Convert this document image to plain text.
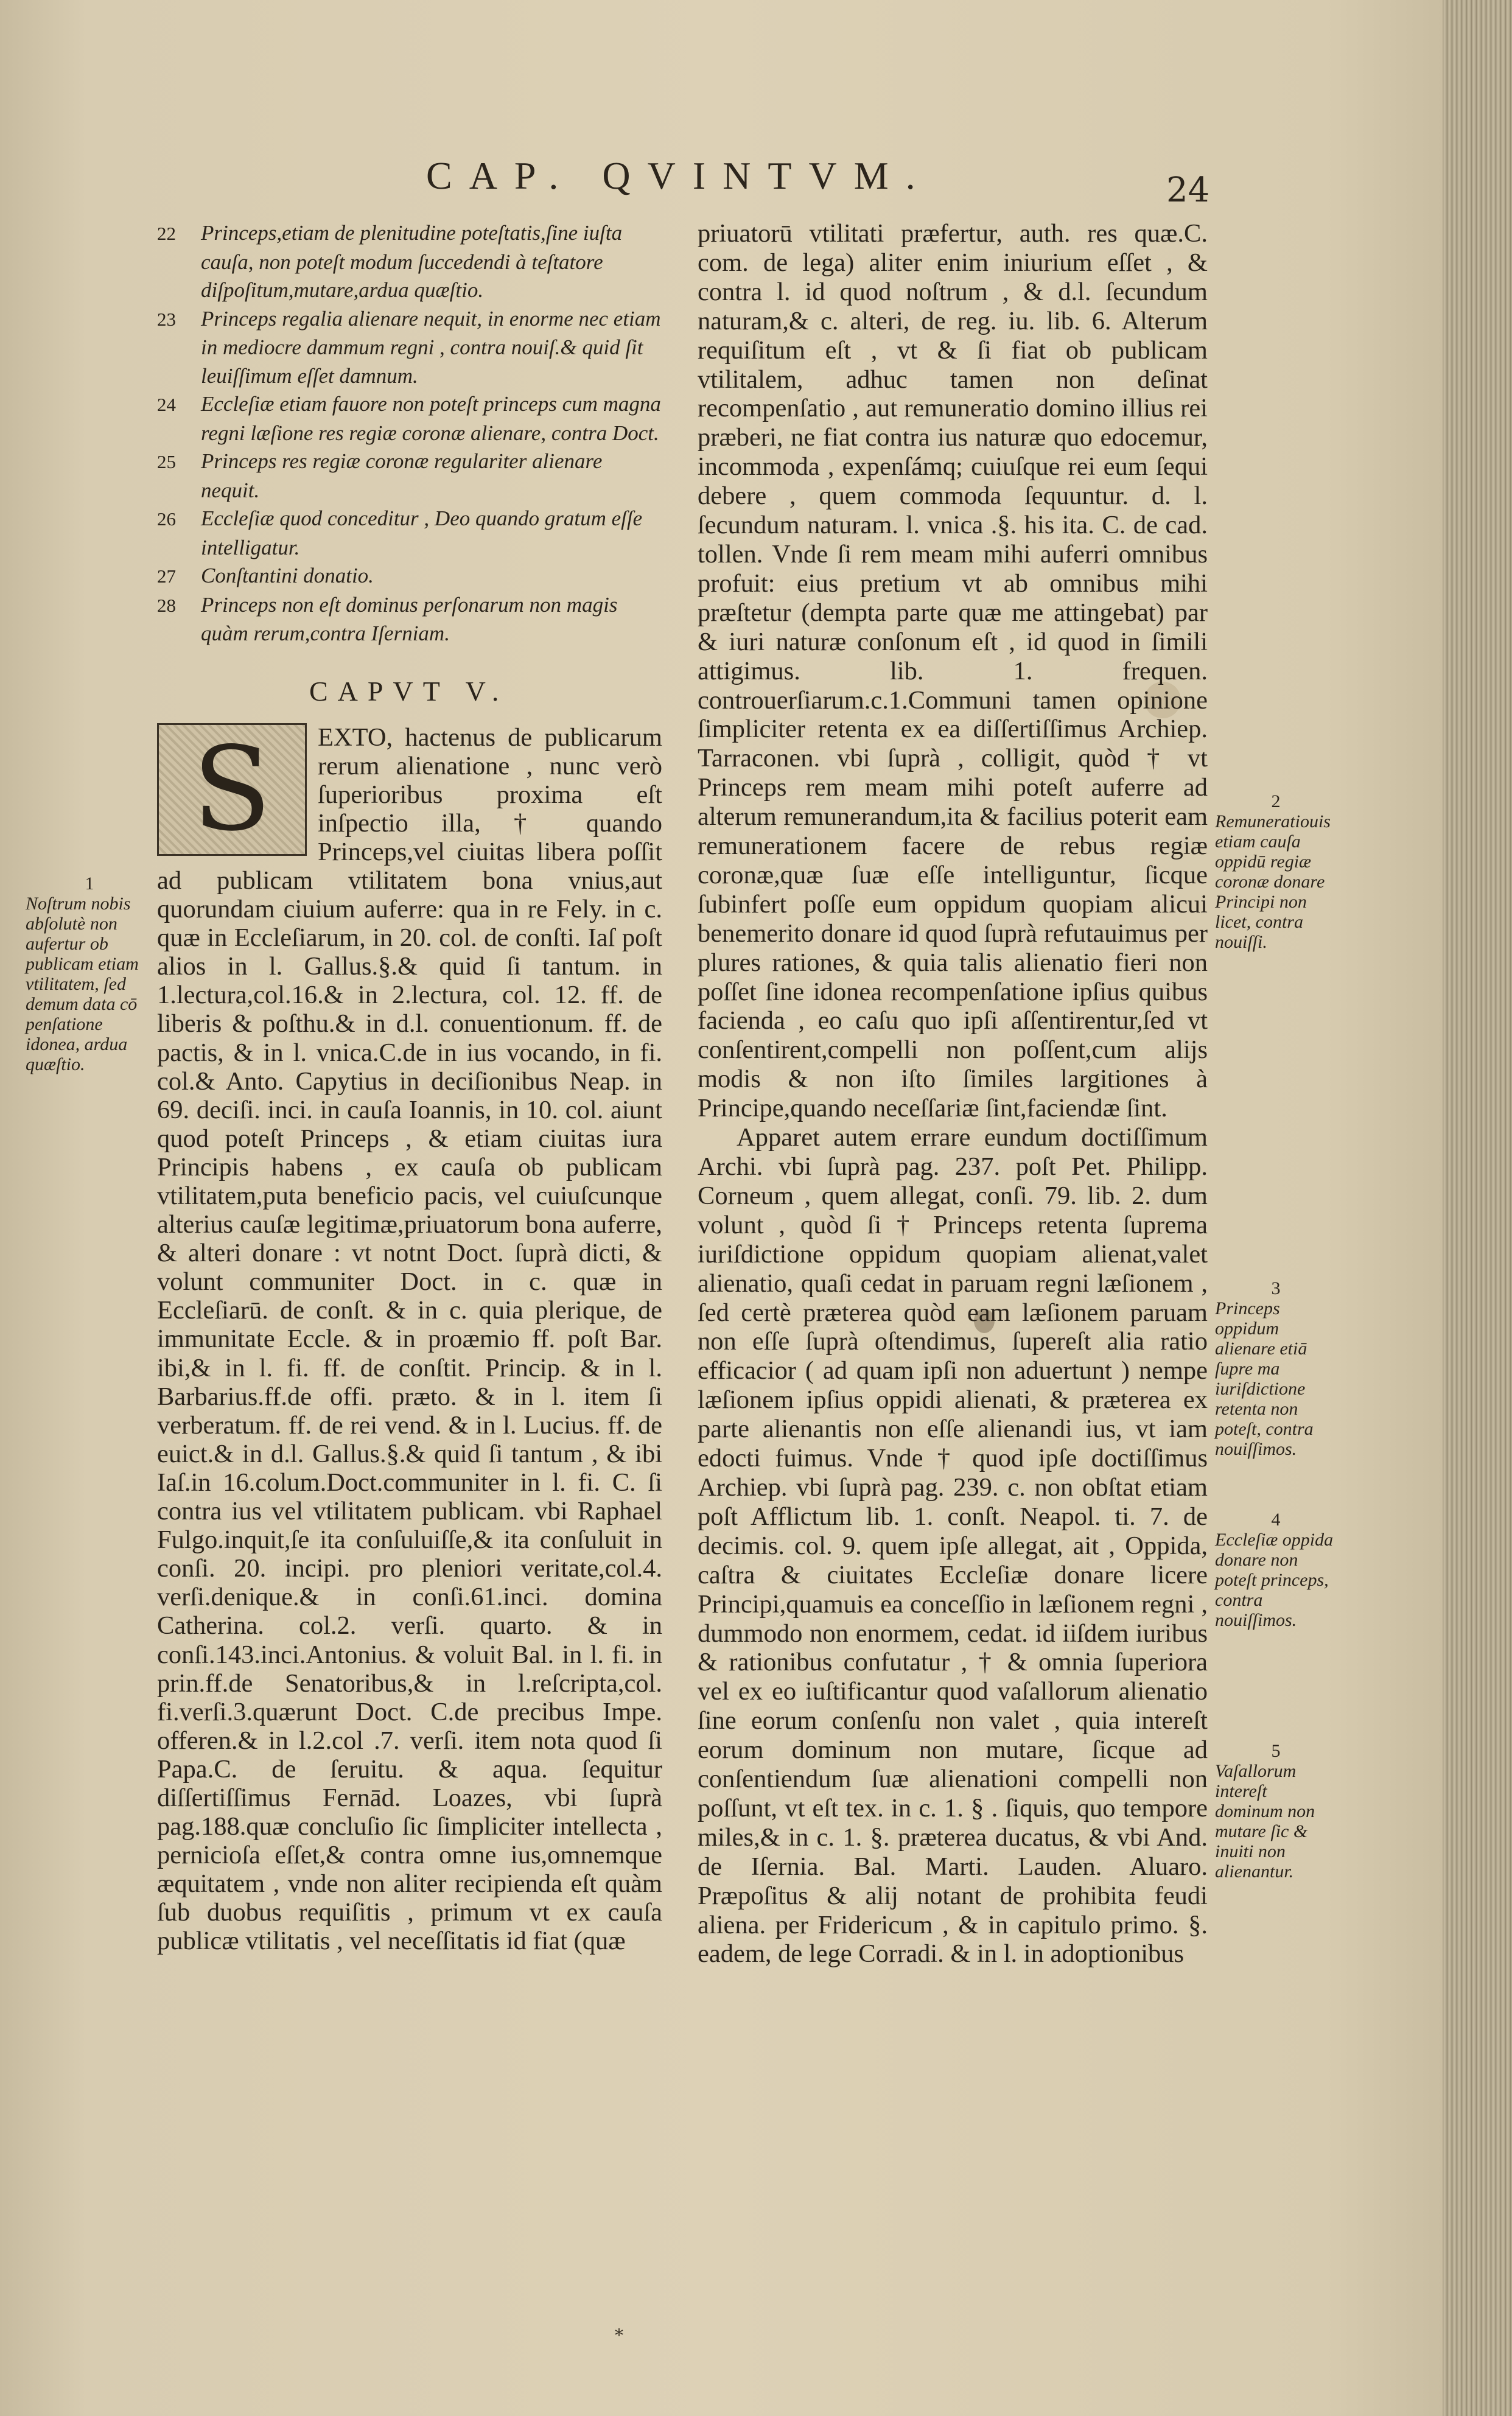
CAP. QVINTVM.	24

22 Princeps,etiam de plenitudine poteſtatis,ſine iuſta cauſa, non poteſt modum ſuccedendi à teſtatore diſpoſitum,mutare,ardua quæſtio.

23 Princeps regalia alienare nequit, in enorme nec etiam in mediocre dammum regni , contra nouiſ.& quid ſit leuiſſimum eſſet damnum.

24 Eccleſiæ etiam fauore non poteſt princeps cum magna regni læſione res regiæ coronæ alienare, contra Doct.

25 Princeps res regiæ coronæ regulariter alienare nequit.

26 Eccleſiæ quod conceditur , Deo quando gratum eſſe intelligatur.

27 Conſtantini donatio.

28 Princeps non eſt dominus perſonarum non magis quàm rerum,contra Iſerniam.

CAPVT V.

S	EXTO, hactenus de publicarum rerum alienatione , nunc verò ſuperioribus proxima eſt inſpectio illa, † quando Princeps,vel ciuitas libera poſſit ad publicam vtilitatem bona vnius,aut quorundam ciuium auferre: qua in re Fely. in c. quæ in Eccleſiarum, in 20. col. de conſti. Iaſ poſt alios in l. Gallus.§.& quid ſi tantum. in 1.lectura,col.16.& in 2.lectura, col. 12. ff. de liberis & poſthu.& in d.l. conuentionum. ff. de pactis, & in l. vnica.C.de in ius vocando, in fi. col.& Anto. Capytius in deciſionibus Neap. in 69. deciſi. inci. in cauſa Ioannis, in 10. col. aiunt quod poteſt Princeps , & etiam ciuitas iura Principis habens , ex cauſa ob publicam vtilitatem,puta beneficio pacis, vel cuiuſcunque alterius cauſæ legitimæ,priuatorum bona auferre, & alteri donare : vt notnt Doct. ſuprà dicti, & volunt communiter Doct. in c. quæ in Eccleſiarū. de conſt. & in c. quia plerique, de immunitate Eccle. & in proæmio ff. poſt Bar. ibi,& in l. fi. ff. de conſtit. Princip. & in l. Barbarius.ff.de offi. præto. & in l. item ſi verberatum. ff. de rei vend. & in l. Lucius. ff. de euict.& in d.l. Gallus.§.& quid ſi tantum , & ibi Iaſ.in 16.colum.Doct.communiter in l. fi. C. ſi contra ius vel vtilitatem publicam. vbi Raphael Fulgo.inquit,ſe ita conſuluiſſe,& ita conſuluit in conſi. 20. incipi. pro pleniori veritate,col.4. verſi.denique.& in conſi.61.inci. domina Catherina. col.2. verſi. quarto. & in conſi.143.inci.Antonius. & voluit Bal. in l. fi. in prin.ff.de Senatoribus,& in l.reſcripta,col. fi.verſi.3.quærunt Doct. C.de precibus Impe. offeren.& in l.2.col .7. verſi. item nota quod ſi Papa.C. de ſeruitu. & aqua. ſequitur diſſertiſſimus Fernād. Loazes, vbi ſuprà pag.188.quæ concluſio ſic ſimpliciter intellecta , pernicioſa eſſet,& contra omne ius,omnemque æquitatem , vnde non aliter recipienda eſt quàm ſub duobus requiſitis , primum vt ex cauſa publicæ vtilitatis , vel neceſſitatis id fiat (quæ

priuatorū vtilitati præfertur, auth. res quæ.C. com. de lega) aliter enim iniurium eſſet , & contra l. id quod noſtrum , & d.l. ſecundum naturam,& c. alteri, de reg. iu. lib. 6. Alterum requiſitum eſt , vt & ſi fiat ob publicam vtilitalem, adhuc tamen non deſinat recompenſatio , aut remuneratio domino illius rei præberi, ne fiat contra ius naturæ quo edocemur, incommoda , expenſámq; cuiuſque rei eum ſequi debere , quem commoda ſequuntur. d. l. ſecundum naturam. l. vnica .§. his ita. C. de cad. tollen. Vnde ſi rem meam mihi auferri omnibus profuit: eius pretium vt ab omnibus mihi præſtetur (dempta parte quæ me attingebat) par & iuri naturæ conſonum eſt , id quod in ſimili attigimus. lib. 1. frequen. controuerſiarum.c.1.Communi tamen opinione ſimpliciter retenta ex ea diſſertiſſimus Archiep. Tarraconen. vbi ſuprà , colligit, quòd † vt Princeps rem meam mihi poteſt auferre ad alterum remunerandum,ita & facilius poterit eam remunerationem facere de rebus regiæ coronæ,quæ ſuæ eſſe intelliguntur, ſicque ſubinfert poſſe eum oppidum quopiam alicui benemerito donare id quod ſuprà refutauimus per plures rationes, & quia talis alienatio fieri non poſſet ſine idonea recompenſatione ipſius quibus facienda , eo caſu quo ipſi aſſentirentur,ſed vt conſentirent,compelli non poſſent,cum alijs modis & non iſto ſimiles largitiones à Principe,quando neceſſariæ ſint,faciendæ ſint.

Apparet autem errare eundum doctiſſimum Archi. vbi ſuprà pag. 237. poſt Pet. Philipp. Corneum , quem allegat, conſi. 79. lib. 2. dum volunt , quòd ſi † Princeps retenta ſuprema iuriſdictione oppidum quopiam alienat,valet alienatio, quaſi cedat in paruam regni læſionem , ſed certè præterea quòd eam læſionem paruam non eſſe ſuprà oſtendimus, ſupereſt alia ratio efficacior ( ad quam ipſi non aduertunt ) nempe læſionem ipſius oppidi alienati, & præterea ex parte alienantis non eſſe alienandi ius, vt iam edocti fuimus. Vnde † quod ipſe doctiſſimus Archiep. vbi ſuprà pag. 239. c. non obſtat etiam poſt Afflictum lib. 1. conſt. Neapol. ti. 7. de decimis. col. 9. quem ipſe allegat, ait , Oppida, caſtra & ciuitates Eccleſiæ donare licere Principi,quamuis ea conceſſio in læſionem regni , dummodo non enormem, cedat. id iiſdem iuribus & rationibus confutatur , † & omnia ſuperiora vel ex eo iuſtificantur quod vaſallorum alienatio ſine eorum conſenſu non valet , quia intereſt eorum dominum non mutare, ſicque ad conſentiendum ſuæ alienationi compelli non poſſunt, vt eſt tex. in c. 1. § . ſiquis, quo tempore miles,& in c. 1. §. præterea ducatus, & vbi And. de Iſernia. Bal. Marti. Lauden. Aluaro. Præpoſitus & alij notant de prohibita feudi aliena. per Fridericum , & in capitulo primo. §. eadem, de lege Corradi. & in l. in adoptionibus

1
Noſtrum nobis abſolutè non aufertur ob publicam etiam vtilitatem, ſed demum data cō penſatione idonea, ardua quæſtio.
2
Remuneratiouis etiam cauſa oppidū regiæ coronæ donare Principi non licet, contra nouiſſi.
3
Princeps oppidum alienare etiā ſupre ma iuriſdictione retenta non poteſt, contra nouiſſimos.
4
Eccleſiæ oppida donare non poteſt princeps, contra nouiſſimos.
5
Vaſallorum intereſt dominum non mutare ſic & inuiti non alienantur.
*
